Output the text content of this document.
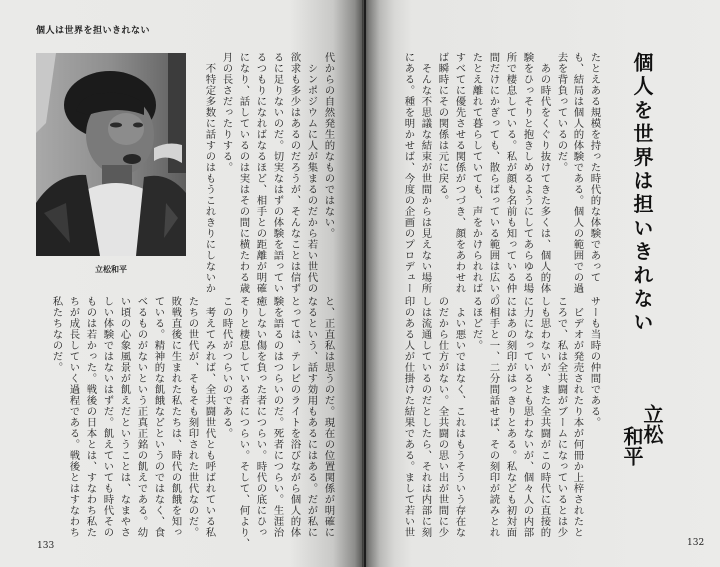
個人は世界を担いきれない
立松和平	個人を世界は担いきれない
立松
和平
たとえある規模を持った時代的な体験であって
も、結局は個人的体験である。個人の範囲での過
去を背負っているのだ。
　あの時代をくぐり抜けてきた多くは、個人的体
験をひっそりと抱きしめるようにしてあらゆる場
所で棲息している。私が顔も名前も知っている仲
間だけにかぎっても、散らばっている範囲は広い。
たとえ離れて暮らしていても、声をかけられれば
すべてに優先させる関係がつづき、顔をあわせれ
ば瞬時にその関係は元に戻る。
　そんな不思議な結束が世間からは見えない場所
にある。種を明かせば、今度の企画のプロデュー
サーも当時の仲間である。
　ビデオが発売されたり本が何冊か上梓されたと
ころで、私は全共闘がブームになっているとは少
しも思わないが、また全共闘がこの時代に直接的
に力になっているとも思わないが、個々人の内部
にはあの刻印がはっきりとある。私なども初対面
の相手と一、二分間話せば、その刻印が読みとれ
るほどだ。
　よい悪いではなく、これはもうそういう存在な
のだから仕方がない。全共闘の思い出が世間に少
しは流通しているのだとしたら、それは内部に刻
印のある人が仕掛けた結果である。まして若い世
代からの自然発生的なものではない。
　シンポジウムに人が集まるのだから若い世代の
欲求も多少はあるのだろうが、そんなことは信ず
るに足りないのだ。切実なはずの体験を語ってい
るつもりになればなるほど、相手との距離が明確
になり、話しているのは実はその間に横たわる歳
月の長さだったりする。
　不特定多数に話すのはもうこれきりにしないか
と、正直私は思うのだ。現在の位置関係が明確に
なるという、話す効用もあるにはある。だが私に
とっては、テレビのライトを浴びながら個人的体
験を語るのはつらいのだ。死者につらい。生涯治
癒しない傷を負った者につらい。時代の底にひっ
そりと棲息している者につらい。そして、何より、
この時代がつらいのである。
　考えてみれば、全共闘世代とも呼ばれている私
たちの世代が、そもそも刻印された世代なのだ。
敗戦直後に生まれた私たちは、時代の飢餓を知っ
ている。精神的な飢餓などというのではなく、食
べるものがないという正真正銘の飢えである。幼
い頃の心象風景が飢えだということは、なまやさ
しい体験ではないはずだ。飢えていても時代その
ものは若かった。戦後の日本とは、すなわち私た
ちが成長していく過程である。戦後とはすなわち
私たちなのだ。
133	132
